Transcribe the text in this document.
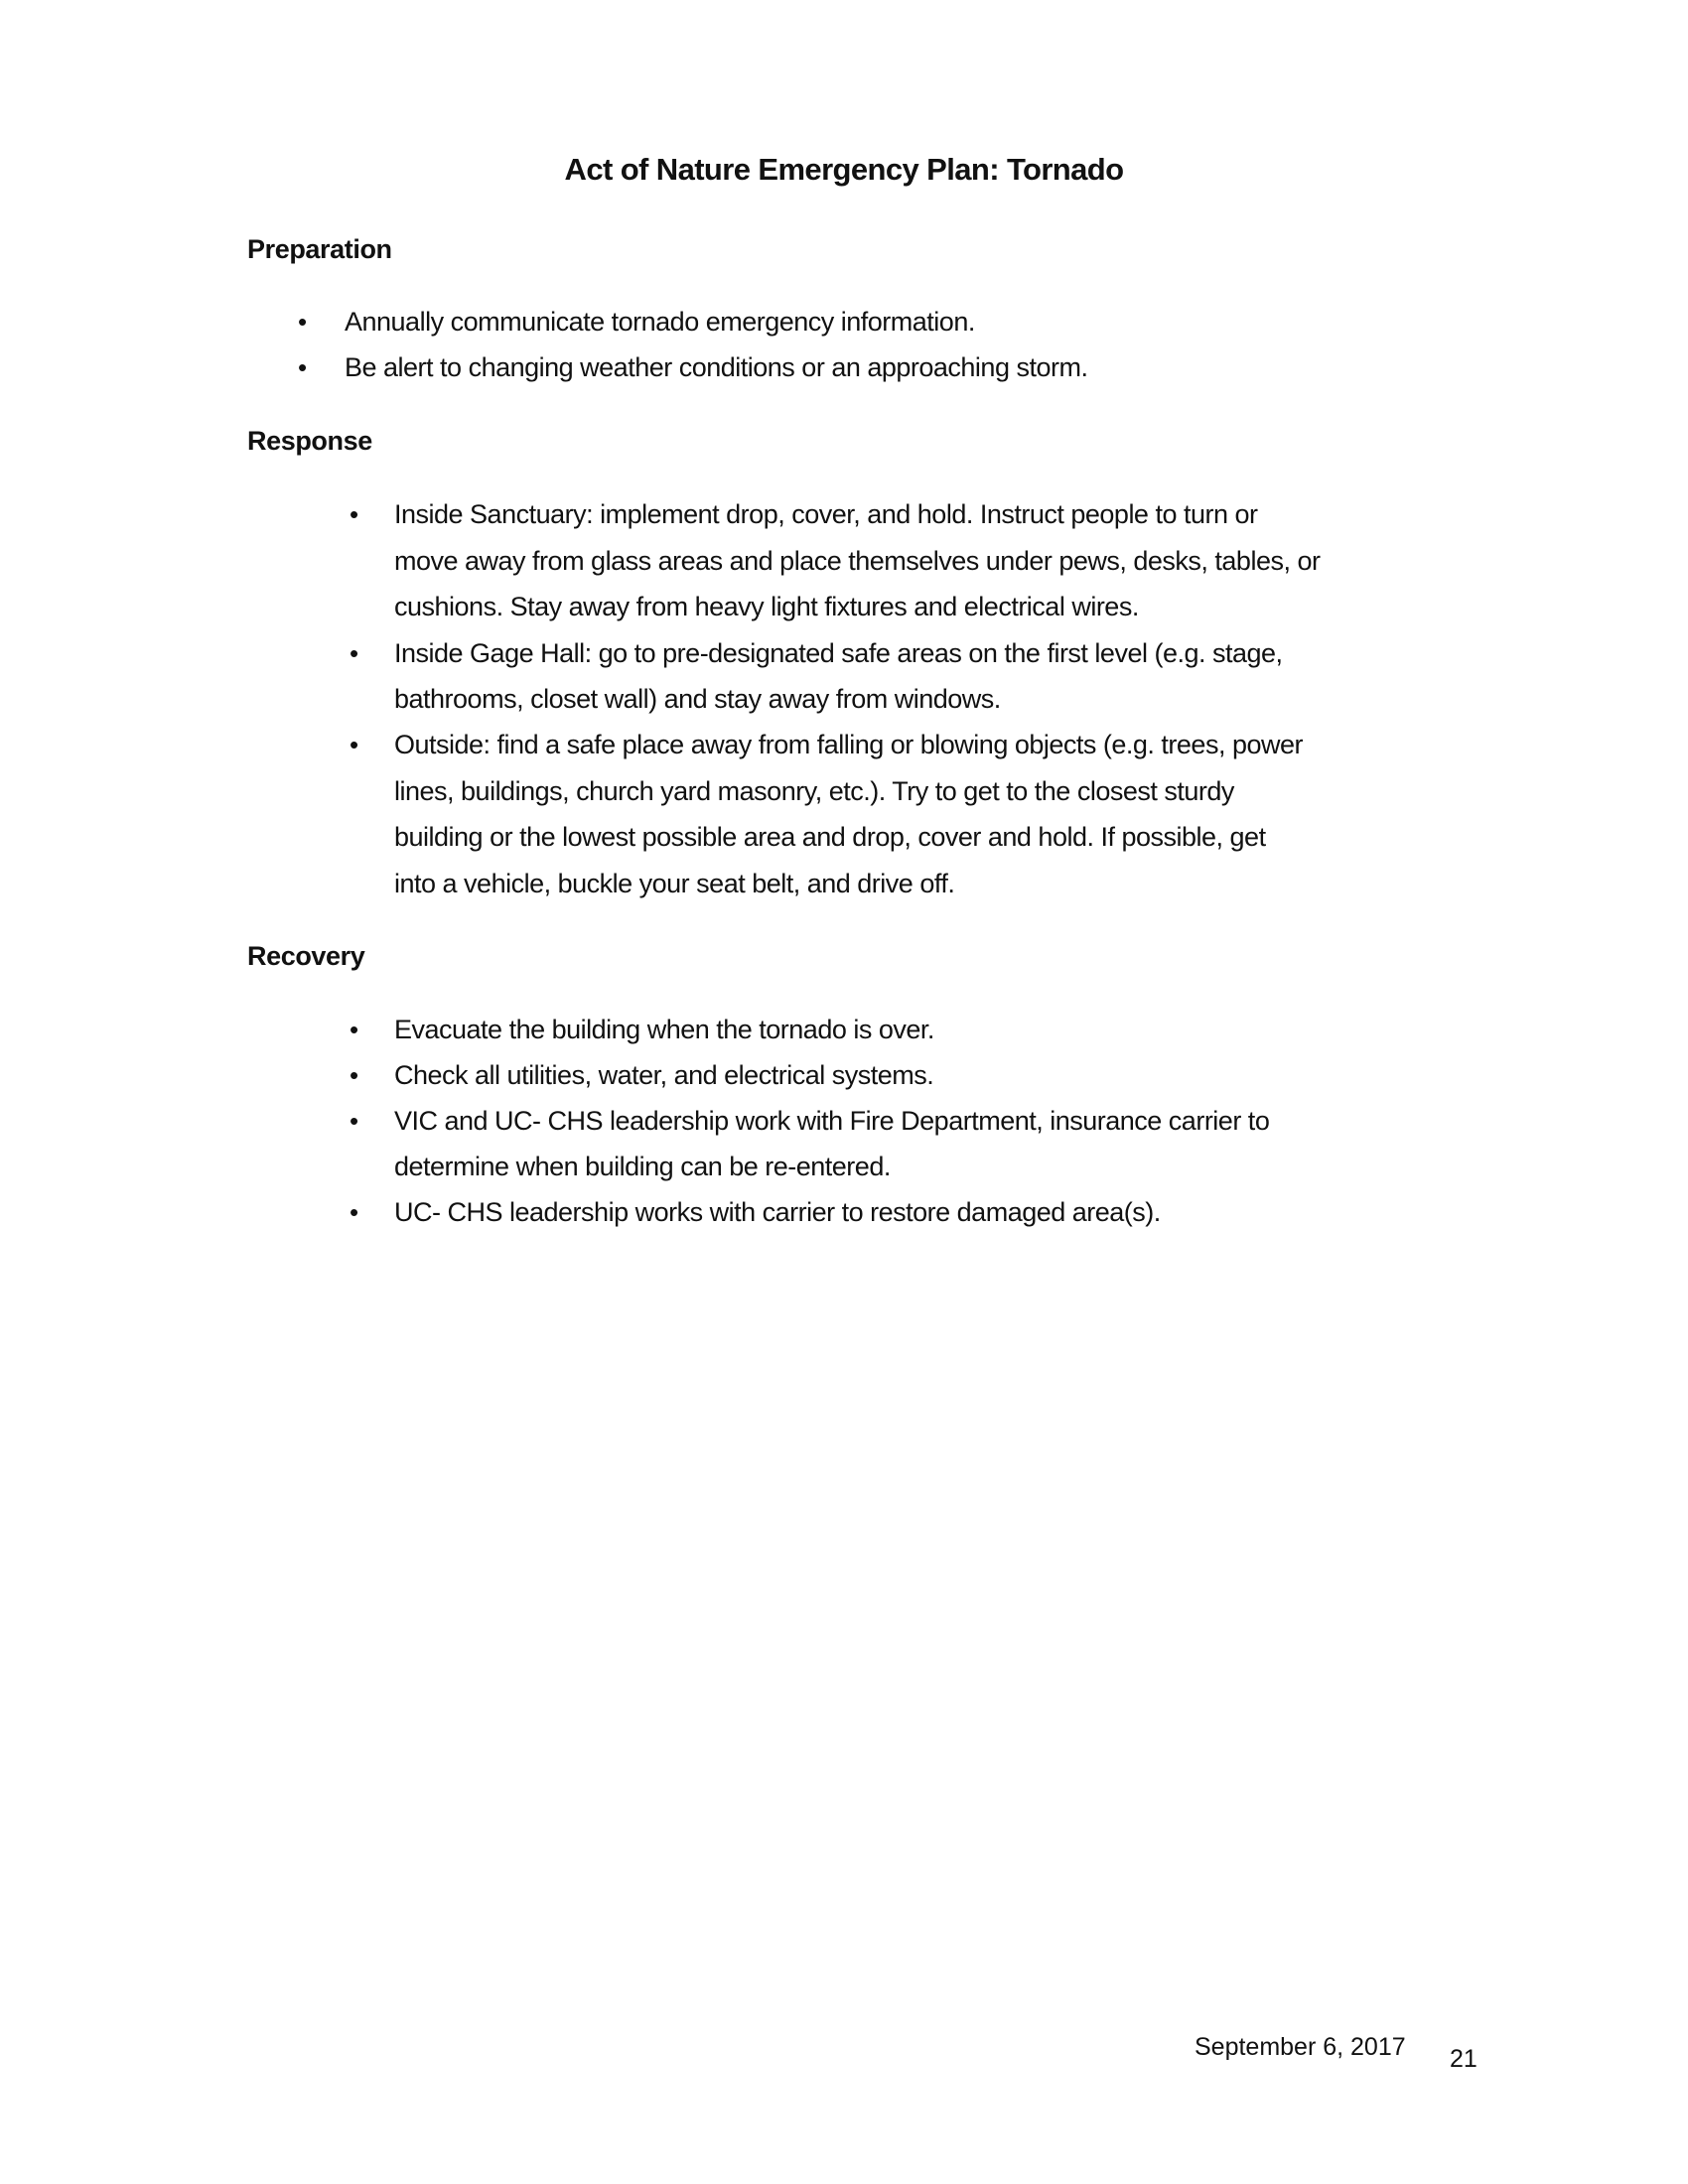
Act of Nature Emergency Plan: Tornado
Preparation
• Annually communicate tornado emergency information.
• Be alert to changing weather conditions or an approaching storm.
Response
• Inside Sanctuary: implement drop, cover, and hold. Instruct people to turn or
move away from glass areas and place themselves under pews, desks, tables, or
cushions. Stay away from heavy light fixtures and electrical wires.
• Inside Gage Hall: go to pre-designated safe areas on the first level (e.g. stage,
bathrooms, closet wall) and stay away from windows.
• Outside: find a safe place away from falling or blowing objects (e.g. trees, power
lines, buildings, church yard masonry, etc.). Try to get to the closest sturdy
building or the lowest possible area and drop, cover and hold. If possible, get
into a vehicle, buckle your seat belt, and drive off.
Recovery
• Evacuate the building when the tornado is over.
• Check all utilities, water, and electrical systems.
• VIC and UC- CHS leadership work with Fire Department, insurance carrier to
determine when building can be re-entered.
• UC- CHS leadership works with carrier to restore damaged area(s).
September 6, 2017 21
